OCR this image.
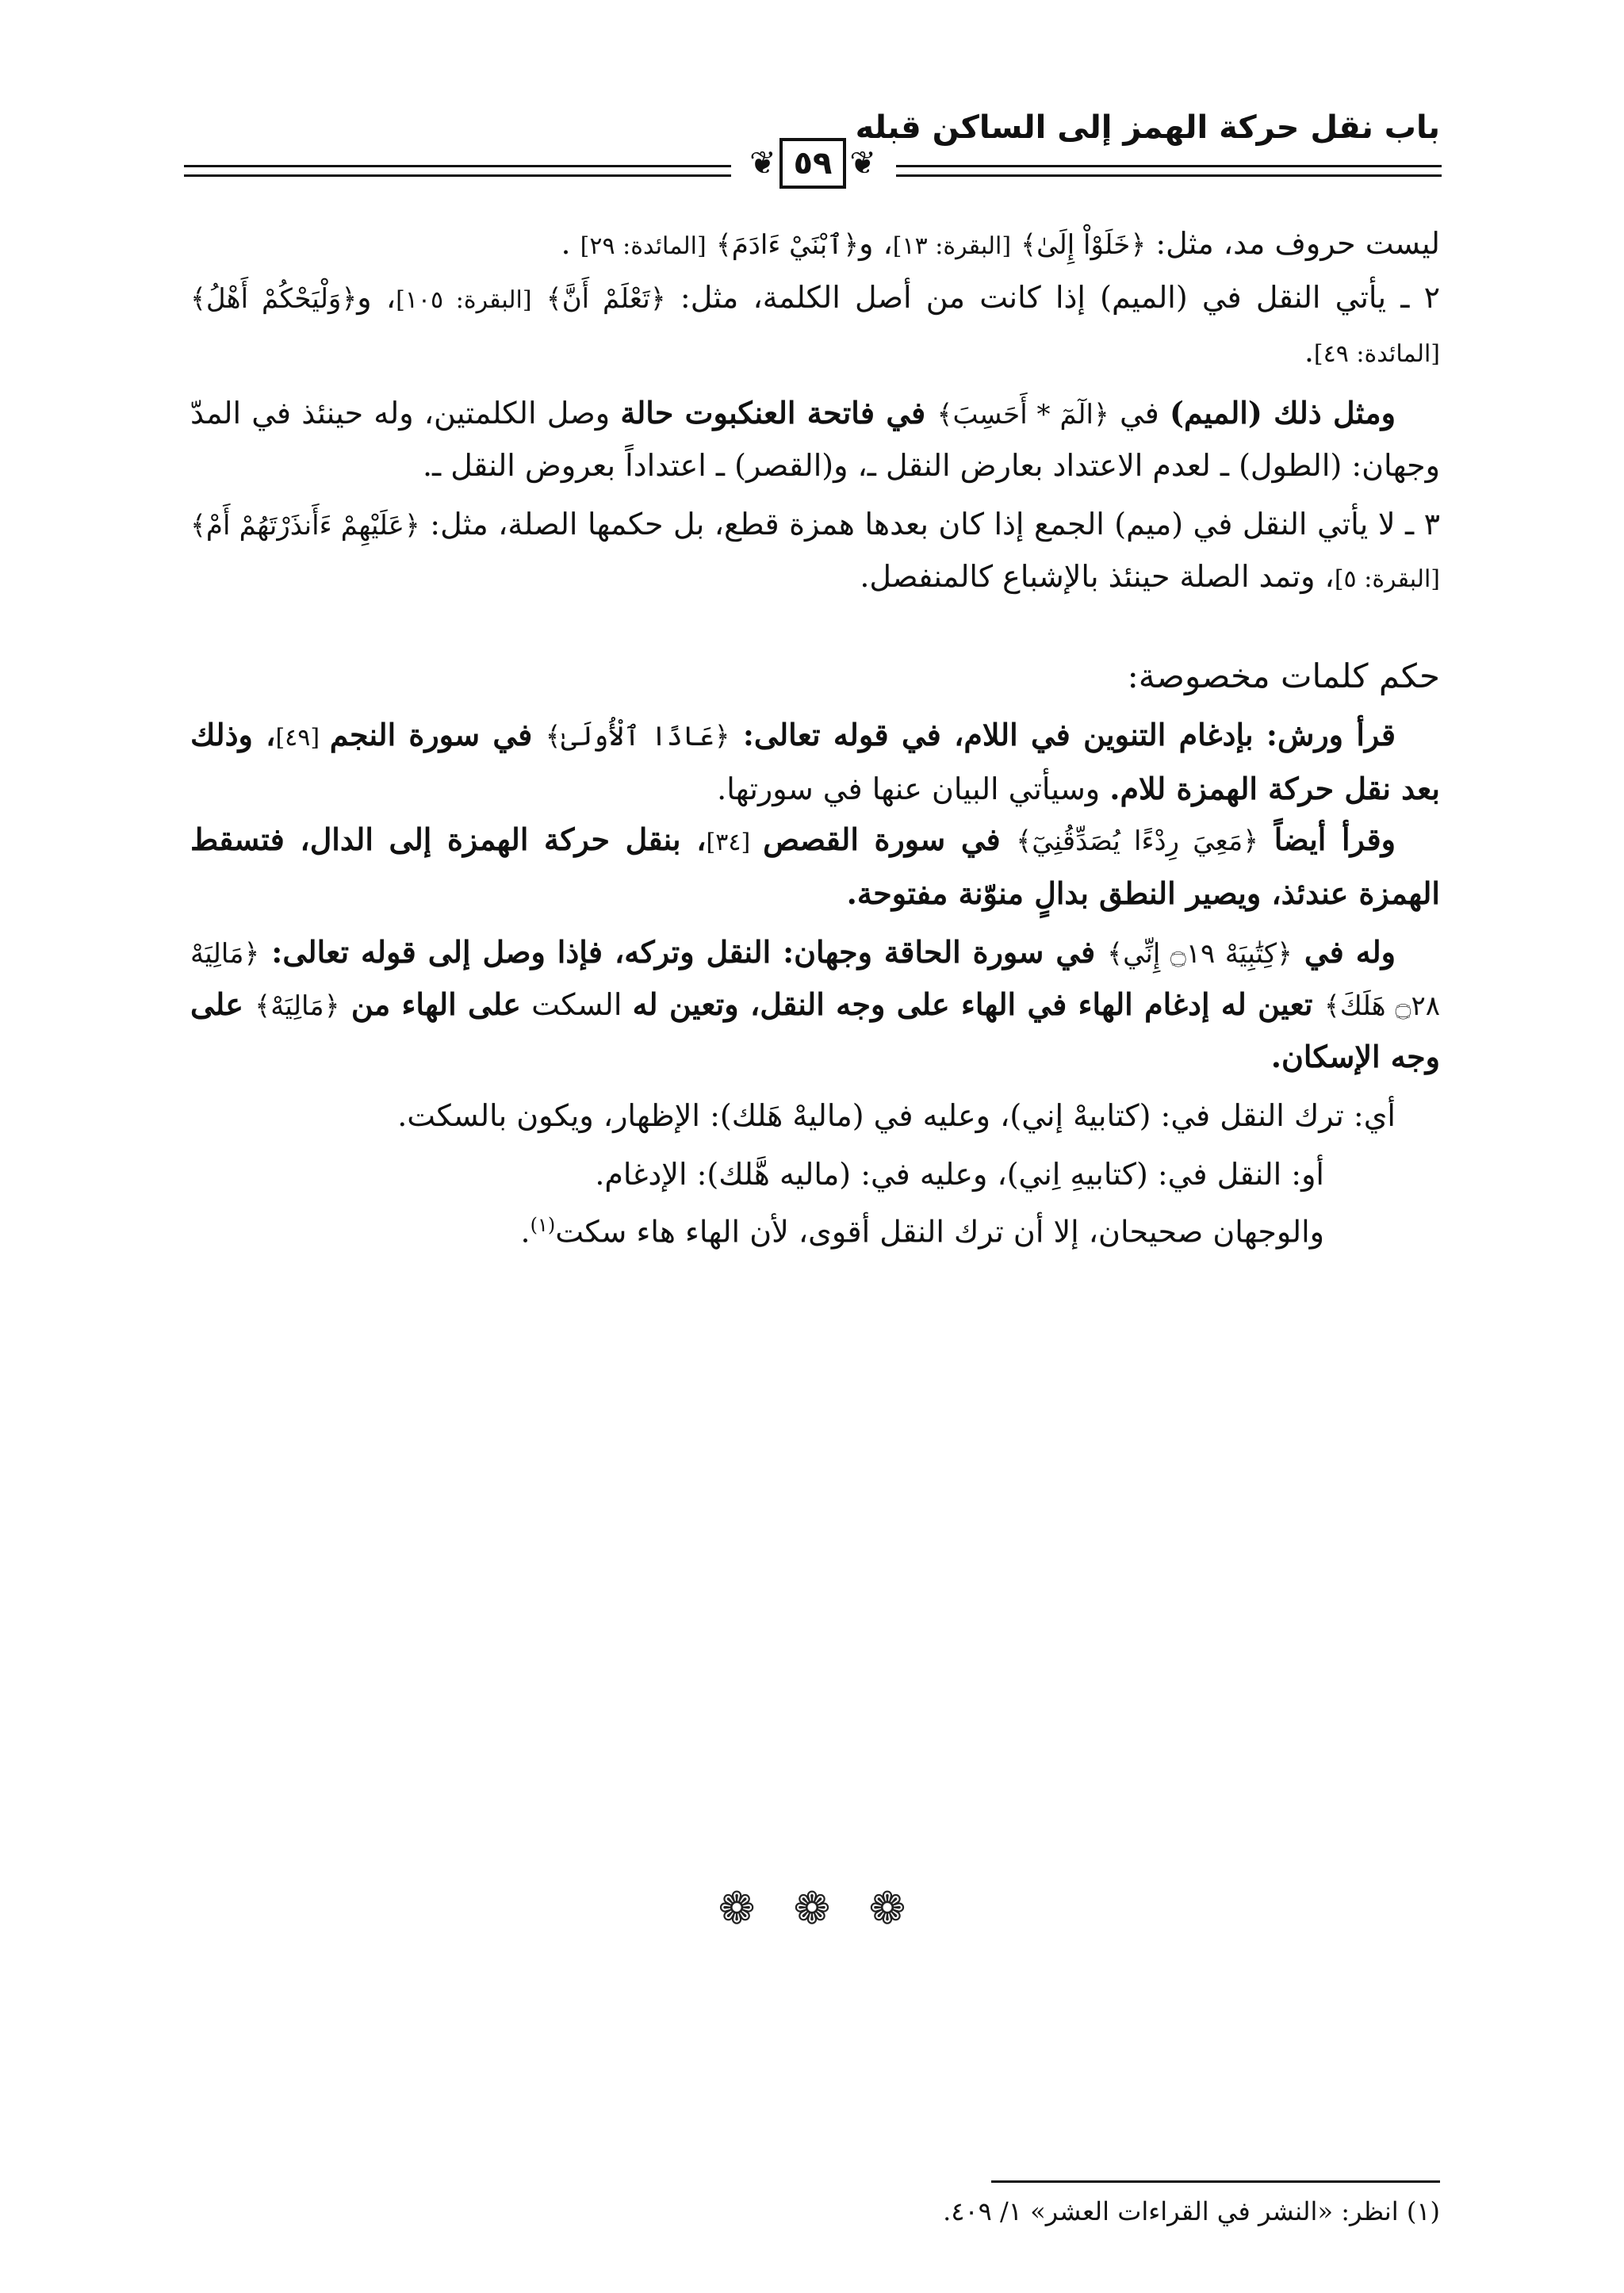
باب نقل حركة الهمز إلى الساكن قبله
❦ ٥٩ ❦

ليست حروف مد، مثل: ﴿خَلَوْاْ إِلَىٰ﴾ [البقرة: ١٣]، و﴿ٱبْنَيْ ءَادَمَ﴾ [المائدة: ٢٩] .

٢ ـ يأتي النقل في (الميم) إذا كانت من أصل الكلمة، مثل: ﴿تَعْلَمْ أَنَّ﴾ [البقرة: ١٠٥]، و﴿وَلْيَحْكُمْ أَهْلُ﴾ [المائدة: ٤٩].

ومثل ذلك (الميم) في ﴿الٓمٓ * أَحَسِبَ﴾ في فاتحة العنكبوت حالة وصل الكلمتين، وله حينئذ في المدّ وجهان: (الطول) ـ لعدم الاعتداد بعارض النقل ـ، و(القصر) ـ اعتداداً بعروض النقل ـ.

٣ ـ لا يأتي النقل في (ميم) الجمع إذا كان بعدها همزة قطع، بل حكمها الصلة، مثل: ﴿عَلَيْهِمْ ءَأَنذَرْتَهُمْ أَمْ﴾ [البقرة: ٥]، وتمد الصلة حينئذ بالإشباع كالمنفصل.

حكم كلمات مخصوصة:

قرأ ورش: بإدغام التنوين في اللام، في قوله تعالى: ﴿عَادًا ٱلْأُولَىٰ﴾ في سورة النجم [٤٩]، وذلك بعد نقل حركة الهمزة للام. وسيأتي البيان عنها في سورتها.

وقرأ أيضاً ﴿مَعِيَ رِدْءًا يُصَدِّقُنِيٓ﴾ في سورة القصص [٣٤]، بنقل حركة الهمزة إلى الدال، فتسقط الهمزة عندئذ، ويصير النطق بدالٍ منوّنة مفتوحة.

وله في ﴿كِتَٰبِيَهْ ۝١٩ إِنِّي﴾ في سورة الحاقة وجهان: النقل وتركه، فإذا وصل إلى قوله تعالى: ﴿مَالِيَهْ ۝٢٨ هَلَكَ﴾ تعين له إدغام الهاء في الهاء على وجه النقل، وتعين له السكت على الهاء من ﴿مَالِيَهْ﴾ على وجه الإسكان.

أي: ترك النقل في: (كتابيهْ إني)، وعليه في (ماليهْ هَلك): الإظهار، ويكون بالسكت.

أو: النقل في: (كتابيهِ اِني)، وعليه في: (ماليه هَّلك): الإدغام.

والوجهان صحيحان، إلا أن ترك النقل أقوى، لأن الهاء هاء سكت$^{(١)}$.

❁ ❁ ❁
(١) انظر: «النشر في القراءات العشر» ١/ ٤٠٩.
